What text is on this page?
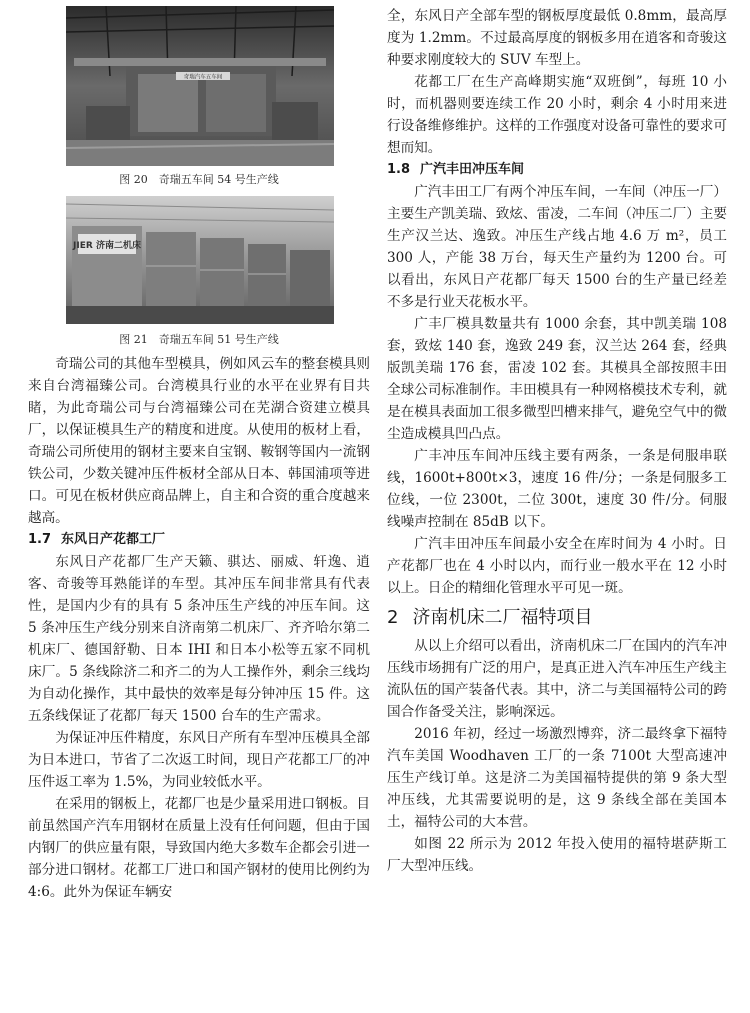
奇瑞汽车五车间
图 20　奇瑞五车间 54 号生产线
JIER 济南二机床
图 21　奇瑞五车间 51 号生产线

奇瑞公司的其他车型模具，例如风云车的整套模具则来自台湾福臻公司。台湾模具行业的水平在业界有目共睹，为此奇瑞公司与台湾福臻公司在芜湖合资建立模具厂，以保证模具生产的精度和进度。从使用的板材上看，奇瑞公司所使用的钢材主要来自宝钢、鞍钢等国内一流钢铁公司，少数关键冲压件板材全部从日本、韩国浦项等进口。可见在板材供应商品牌上，自主和合资的重合度越来越高。

1.7 东风日产花都工厂

东风日产花都厂生产天籁、骐达、丽威、轩逸、逍客、奇骏等耳熟能详的车型。其冲压车间非常具有代表性，是国内少有的具有 5 条冲压生产线的冲压车间。这 5 条冲压生产线分别来自济南第二机床厂、齐齐哈尔第二机床厂、德国舒勒、日本 IHI 和日本小松等五家不同机床厂。5 条线除济二和齐二的为人工操作外，剩余三线均为自动化操作，其中最快的效率是每分钟冲压 15 件。这五条线保证了花都厂每天 1500 台车的生产需求。

为保证冲压件精度，东风日产所有车型冲压模具全部为日本进口，节省了二次返工时间，现日产花都工厂的冲压件返工率为 1.5%，为同业较低水平。

在采用的钢板上，花都厂也是少量采用进口钢板。目前虽然国产汽车用钢材在质量上没有任何问题，但由于国内钢厂的供应量有限，导致国内绝大多数车企都会引进一部分进口钢材。花都工厂进口和国产钢材的使用比例约为 4:6。此外为保证车辆安

全，东风日产全部车型的钢板厚度最低 0.8mm，最高厚度为 1.2mm。不过最高厚度的钢板多用在逍客和奇骏这种要求刚度较大的 SUV 车型上。

花都工厂在生产高峰期实施“双班倒”，每班 10 小时，而机器则要连续工作 20 小时，剩余 4 小时用来进行设备维修维护。这样的工作强度对设备可靠性的要求可想而知。

1.8 广汽丰田冲压车间

广汽丰田工厂有两个冲压车间，一车间（冲压一厂）主要生产凯美瑞、致炫、雷凌，二车间（冲压二厂）主要生产汉兰达、逸致。冲压生产线占地 4.6 万 m²，员工 300 人，产能 38 万台，每天生产量约为 1200 台。可以看出，东风日产花都厂每天 1500 台的生产量已经差不多是行业天花板水平。

广丰厂模具数量共有 1000 余套，其中凯美瑞 108 套，致炫 140 套，逸致 249 套，汉兰达 264 套，经典版凯美瑞 176 套，雷凌 102 套。其模具全部按照丰田全球公司标准制作。丰田模具有一种网格模技术专利，就是在模具表面加工很多微型凹槽来排气，避免空气中的微尘造成模具凹凸点。

广丰冲压车间冲压线主要有两条，一条是伺服串联线，1600t+800t×3，速度 16 件/分；一条是伺服多工位线，一位 2300t，二位 300t，速度 30 件/分。伺服线噪声控制在 85dB 以下。

广汽丰田冲压车间最小安全在库时间为 4 小时。日产花都厂也在 4 小时以内，而行业一般水平在 12 小时以上。日企的精细化管理水平可见一斑。

2 济南机床二厂福特项目

从以上介绍可以看出，济南机床二厂在国内的汽车冲压线市场拥有广泛的用户，是真正进入汽车冲压生产线主流队伍的国产装备代表。其中，济二与美国福特公司的跨国合作备受关注，影响深远。

2016 年初，经过一场激烈博弈，济二最终拿下福特汽车美国 Woodhaven 工厂的一条 7100t 大型高速冲压生产线订单。这是济二为美国福特提供的第 9 条大型冲压线，尤其需要说明的是，这 9 条线全部在美国本土，福特公司的大本营。

如图 22 所示为 2012 年投入使用的福特堪萨斯工厂大型冲压线。
